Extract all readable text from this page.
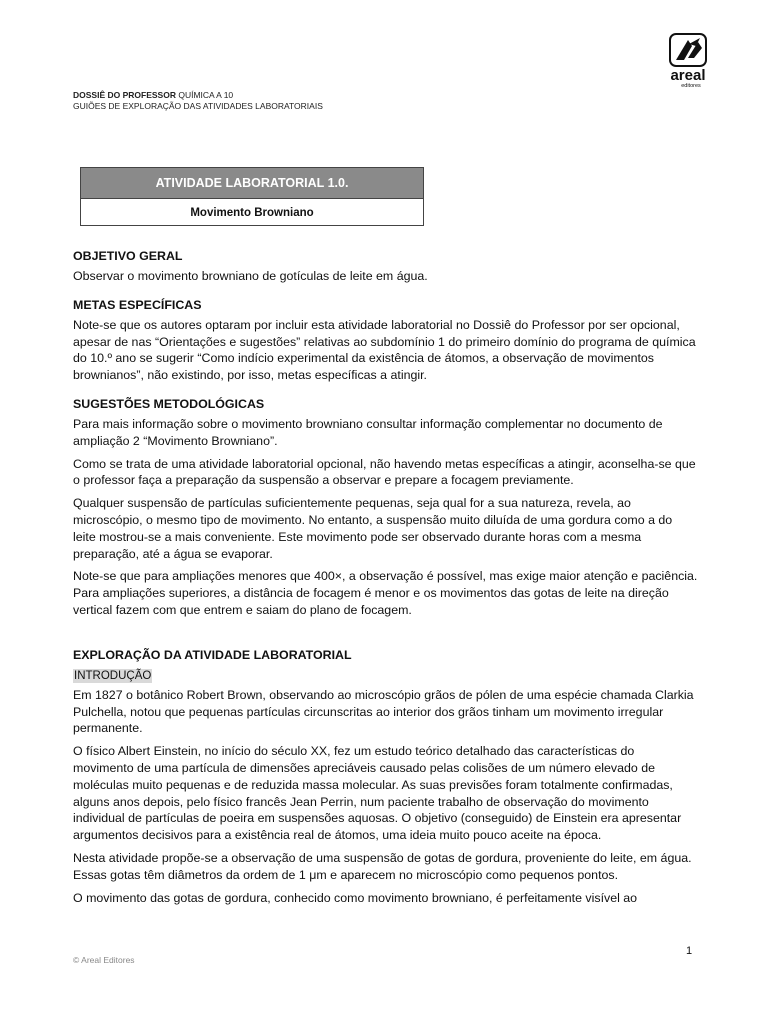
DOSSIÊ DO PROFESSOR QUÍMICA A 10
GUIÕES DE EXPLORAÇÃO DAS ATIVIDADES LABORATORIAIS
areal
editores
ATIVIDADE LABORATORIAL 1.0.
Movimento Browniano
OBJETIVO GERAL

Observar o movimento browniano de gotículas de leite em água.

METAS ESPECÍFICAS

Note-se que os autores optaram por incluir esta atividade laboratorial no Dossiê do Professor por ser opcional, apesar de nas “Orientações e sugestões” relativas ao subdomínio 1 do primeiro domínio do programa de química do 10.º ano se sugerir “Como indício experimental da existência de átomos, a observação de movimentos brownianos”, não existindo, por isso, metas específicas a atingir.

SUGESTÕES METODOLÓGICAS

Para mais informação sobre o movimento browniano consultar informação complementar no documento de ampliação 2 “Movimento Browniano”.

Como se trata de uma atividade laboratorial opcional, não havendo metas específicas a atingir, aconselha-se que o professor faça a preparação da suspensão a observar e prepare a focagem previamente.

Qualquer suspensão de partículas suficientemente pequenas, seja qual for a sua natureza, revela, ao microscópio, o mesmo tipo de movimento. No entanto, a suspensão muito diluída de uma gordura como a do leite mostrou-se a mais conveniente. Este movimento pode ser observado durante horas com a mesma preparação, até a água se evaporar.

Note-se que para ampliações menores que 400×, a observação é possível, mas exige maior atenção e paciência. Para ampliações superiores, a distância de focagem é menor e os movimentos das gotas de leite na direção vertical fazem com que entrem e saiam do plano de focagem.

EXPLORAÇÃO DA ATIVIDADE LABORATORIAL
INTRODUÇÃO

Em 1827 o botânico Robert Brown, observando ao microscópio grãos de pólen de uma espécie chamada Clarkia Pulchella, notou que pequenas partículas circunscritas ao interior dos grãos tinham um movimento irregular permanente.

O físico Albert Einstein, no início do século XX, fez um estudo teórico detalhado das características do movimento de uma partícula de dimensões apreciáveis causado pelas colisões de um número elevado de moléculas muito pequenas e de reduzida massa molecular. As suas previsões foram totalmente confirmadas, alguns anos depois, pelo físico francês Jean Perrin, num paciente trabalho de observação do movimento individual de partículas de poeira em suspensões aquosas. O objetivo (conseguido) de Einstein era apresentar argumentos decisivos para a existência real de átomos, uma ideia muito pouco aceite na época.

Nesta atividade propõe-se a observação de uma suspensão de gotas de gordura, proveniente do leite, em água. Essas gotas têm diâmetros da ordem de 1 μm e aparecem no microscópio como pequenos pontos.

O movimento das gotas de gordura, conhecido como movimento browniano, é perfeitamente visível ao

1
© Areal Editores
